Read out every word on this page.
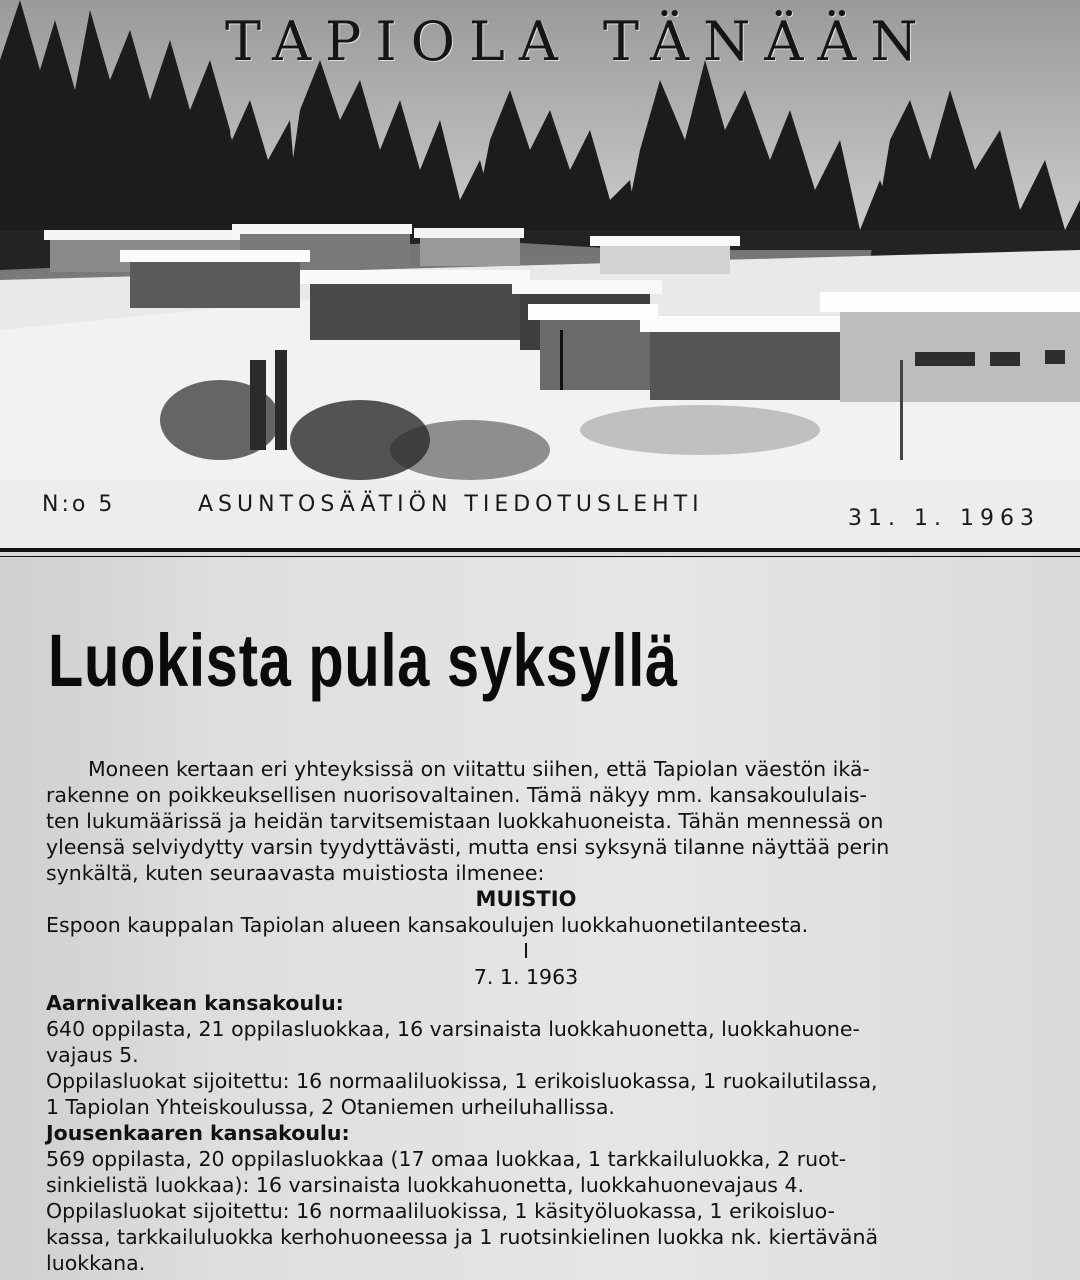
TAPIOLA TÄNÄÄN
N:o 5	ASUNTOSÄÄTIÖN TIEDOTUSLEHTI
31. 1. 1963
Luokista pula syksyllä
Moneen kertaan eri yhteyksissä on viitattu siihen, että Tapiolan väestön ikä-
rakenne on poikkeuksellisen nuorisovaltainen. Tämä näkyy mm. kansakoululais-
ten lukumäärissä ja heidän tarvitsemistaan luokkahuoneista. Tähän mennessä on
yleensä selviydytty varsin tyydyttävästi, mutta ensi syksynä tilanne näyttää perin
synkältä, kuten seuraavasta muistiosta ilmenee:
MUISTIO
Espoon kauppalan Tapiolan alueen kansakoulujen luokkahuonetilanteesta.
I
7. 1. 1963
Aarnivalkean kansakoulu:
640 oppilasta, 21 oppilasluokkaa, 16 varsinaista luokkahuonetta, luokkahuone-
vajaus 5.
Oppilasluokat sijoitettu: 16 normaaliluokissa, 1 erikoisluokassa, 1 ruokailutilassa,
1 Tapiolan Yhteiskoulussa, 2 Otaniemen urheiluhallissa.
Jousenkaaren kansakoulu:
569 oppilasta, 20 oppilasluokkaa (17 omaa luokkaa, 1 tarkkailuluokka, 2 ruot-
sinkielistä luokkaa): 16 varsinaista luokkahuonetta, luokkahuonevajaus 4.
Oppilasluokat sijoitettu: 16 normaaliluokissa, 1 käsityöluokassa, 1 erikoisluo-
kassa, tarkkailuluokka kerhohuoneessa ja 1 ruotsinkielinen luokka nk. kiertävänä
luokkana.
